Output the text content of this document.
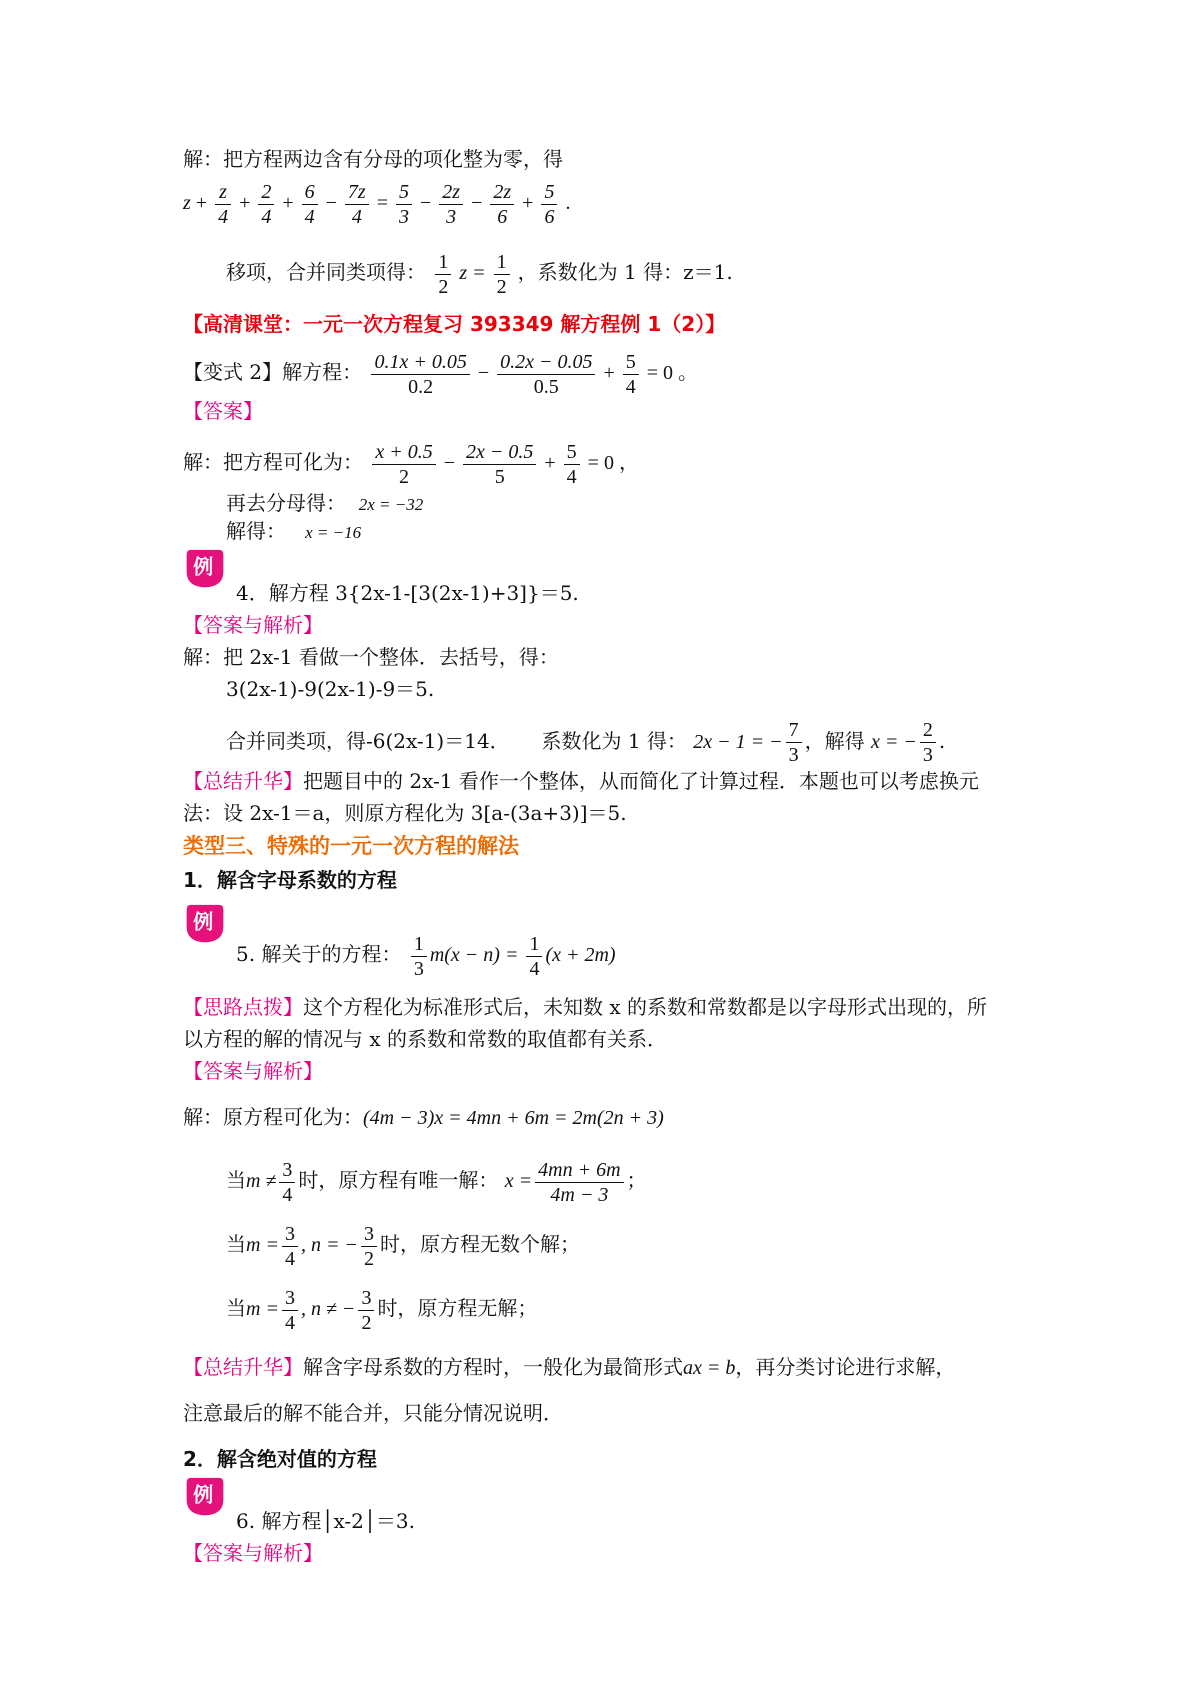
解：把方程两边含有分母的项化整为零，得
$z + \frac{z}{4} + \frac{2}{4} + \frac{6}{4} - \frac{7z}{4} = \frac{5}{3} - \frac{2z}{3} - \frac{2z}{6} + \frac{5}{6}$ .
移项，合并同类项得： $\frac{1}{2}$ $z = \frac{1}{2}$ ，系数化为 1 得：z＝1.
【高清课堂：一元一次方程复习 393349 解方程例 1（2）】
【变式 2】解方程： $\frac{0.1x + 0.05}{0.2} - \frac{0.2x - 0.05}{0.5} + \frac{5}{4} = 0$ 。
【答案】
解：把方程可化为： $\frac{x + 0.5}{2} - \frac{2x - 0.5}{5} + \frac{5}{4} = 0$ ，
再去分母得： 2x = −32
解得： x = −16
例
4．解方程 3{2x-1-[3(2x-1)+3]}＝5.
【答案与解析】
解：把 2x-1 看做一个整体．去括号，得：
3(2x-1)-9(2x-1)-9＝5.
合并同类项，得-6(2x-1)＝14． 系数化为 1 得： 2x − 1 = − $\frac{7}{3}$ ，解得 x = − $\frac{2}{3}$ .
【总结升华】把题目中的 2x-1 看作一个整体，从而简化了计算过程．本题也可以考虑换元
法：设 2x-1＝a，则原方程化为 3[a-(3a+3)]＝5.
类型三、特殊的一元一次方程的解法
1．解含字母系数的方程
例
5. 解关于的方程： $\frac{1}{3} m(x - n) = \frac{1}{4} (x + 2m)$
【思路点拨】这个方程化为标准形式后，未知数 x 的系数和常数都是以字母形式出现的，所
以方程的解的情况与 x 的系数和常数的取值都有关系．
【答案与解析】
解：原方程可化为：(4m − 3)x = 4mn + 6m = 2m(2n + 3)
当$m \ne \frac{3}{4}$ 时，原方程有唯一解： $x = \frac{4mn + 6m}{4m - 3}$ ；
当$m = \frac{3}{4}$ , n = − $\frac{3}{2}$ 时，原方程无数个解；
当$m = \frac{3}{4}$ , n ≠ − $\frac{3}{2}$ 时，原方程无解；
【总结升华】解含字母系数的方程时，一般化为最简形式ax = b，再分类讨论进行求解，
注意最后的解不能合并，只能分情况说明．
2．解含绝对值的方程
例
6. 解方程│x-2│＝3.
【答案与解析】
